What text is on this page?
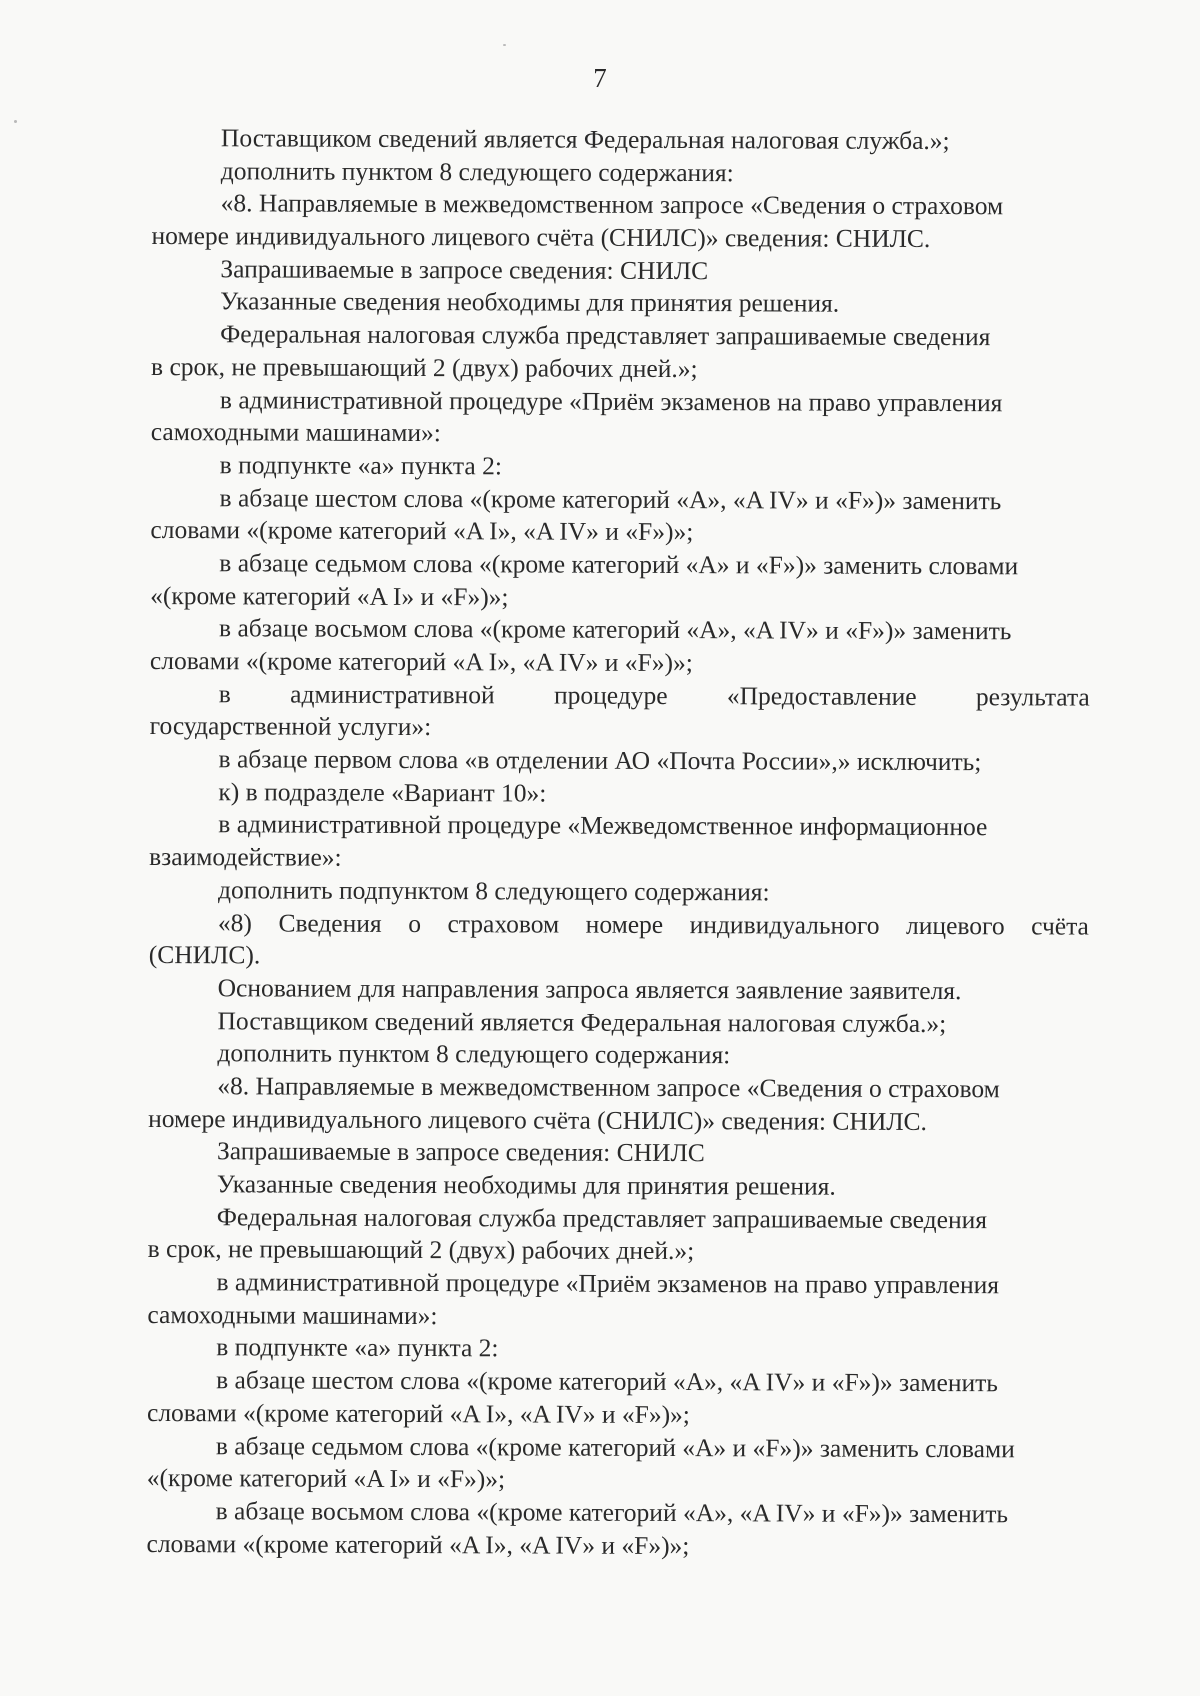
7
Поставщиком сведений является Федеральная налоговая служба.»;
дополнить пунктом 8 следующего содержания:
«8. Направляемые в межведомственном запросе «Сведения о страховом
номере индивидуального лицевого счёта (СНИЛС)» сведения: СНИЛС.
Запрашиваемые в запросе сведения: СНИЛС
Указанные сведения необходимы для принятия решения.
Федеральная налоговая служба представляет запрашиваемые сведения
в срок, не превышающий 2 (двух) рабочих дней.»;
в административной процедуре «Приём экзаменов на право управления
самоходными машинами»:
в подпункте «а» пункта 2:
в абзаце шестом слова «(кроме категорий «A», «A IV» и «F»)» заменить
словами «(кроме категорий «A I», «A IV» и «F»)»;
в абзаце седьмом слова «(кроме категорий «A» и «F»)» заменить словами
«(кроме категорий «A I» и «F»)»;
в абзаце восьмом слова «(кроме категорий «A», «A IV» и «F»)» заменить
словами «(кроме категорий «A I», «A IV» и «F»)»;
в административной процедуре «Предоставление результата
государственной услуги»:
в абзаце первом слова «в отделении АО «Почта России»,» исключить;
к) в подразделе «Вариант 10»:
в административной процедуре «Межведомственное информационное
взаимодействие»:
дополнить подпунктом 8 следующего содержания:
«8) Сведения о страховом номере индивидуального лицевого счёта
(СНИЛС).
Основанием для направления запроса является заявление заявителя.
Поставщиком сведений является Федеральная налоговая служба.»;
дополнить пунктом 8 следующего содержания:
«8. Направляемые в межведомственном запросе «Сведения о страховом
номере индивидуального лицевого счёта (СНИЛС)» сведения: СНИЛС.
Запрашиваемые в запросе сведения: СНИЛС
Указанные сведения необходимы для принятия решения.
Федеральная налоговая служба представляет запрашиваемые сведения
в срок, не превышающий 2 (двух) рабочих дней.»;
в административной процедуре «Приём экзаменов на право управления
самоходными машинами»:
в подпункте «а» пункта 2:
в абзаце шестом слова «(кроме категорий «A», «A IV» и «F»)» заменить
словами «(кроме категорий «A I», «A IV» и «F»)»;
в абзаце седьмом слова «(кроме категорий «A» и «F»)» заменить словами
«(кроме категорий «A I» и «F»)»;
в абзаце восьмом слова «(кроме категорий «A», «A IV» и «F»)» заменить
словами «(кроме категорий «A I», «A IV» и «F»)»;
